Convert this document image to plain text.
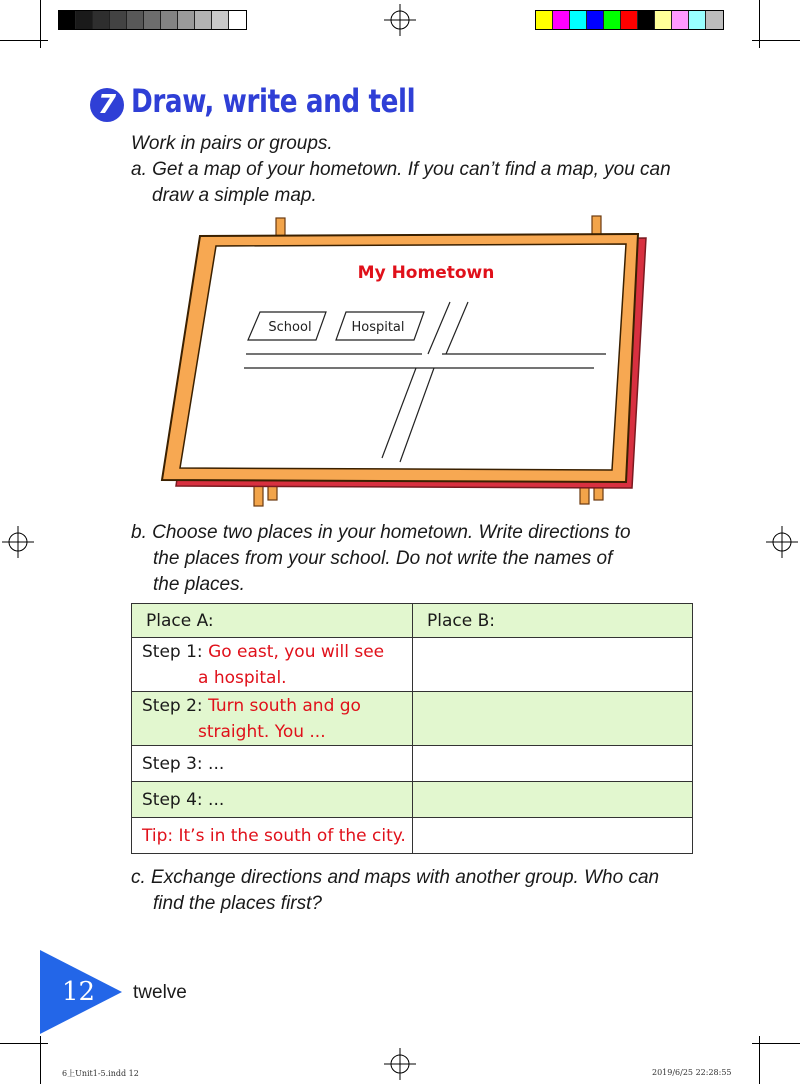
7 Draw, write and tell
Work in pairs or groups.
a. Get a map of your hometown. If you can’t find a map, you can
draw a simple map.
My Hometown
School	Hospital
b. Choose two places in your hometown. Write directions to
the places from your school. Do not write the names of
the places.
Place A:	Place B:
Step 1: Go east, you will see
a hospital.	

Step 2: Turn south and go
straight. You ...	

Step 3: ...	
Step 4: ...	
Tip: It’s in the south of the city.	
c. Exchange directions and maps with another group. Who can
find the places first?
12 twelve
6上Unit1-5.indd 12	2019/6/25 22:28:55
